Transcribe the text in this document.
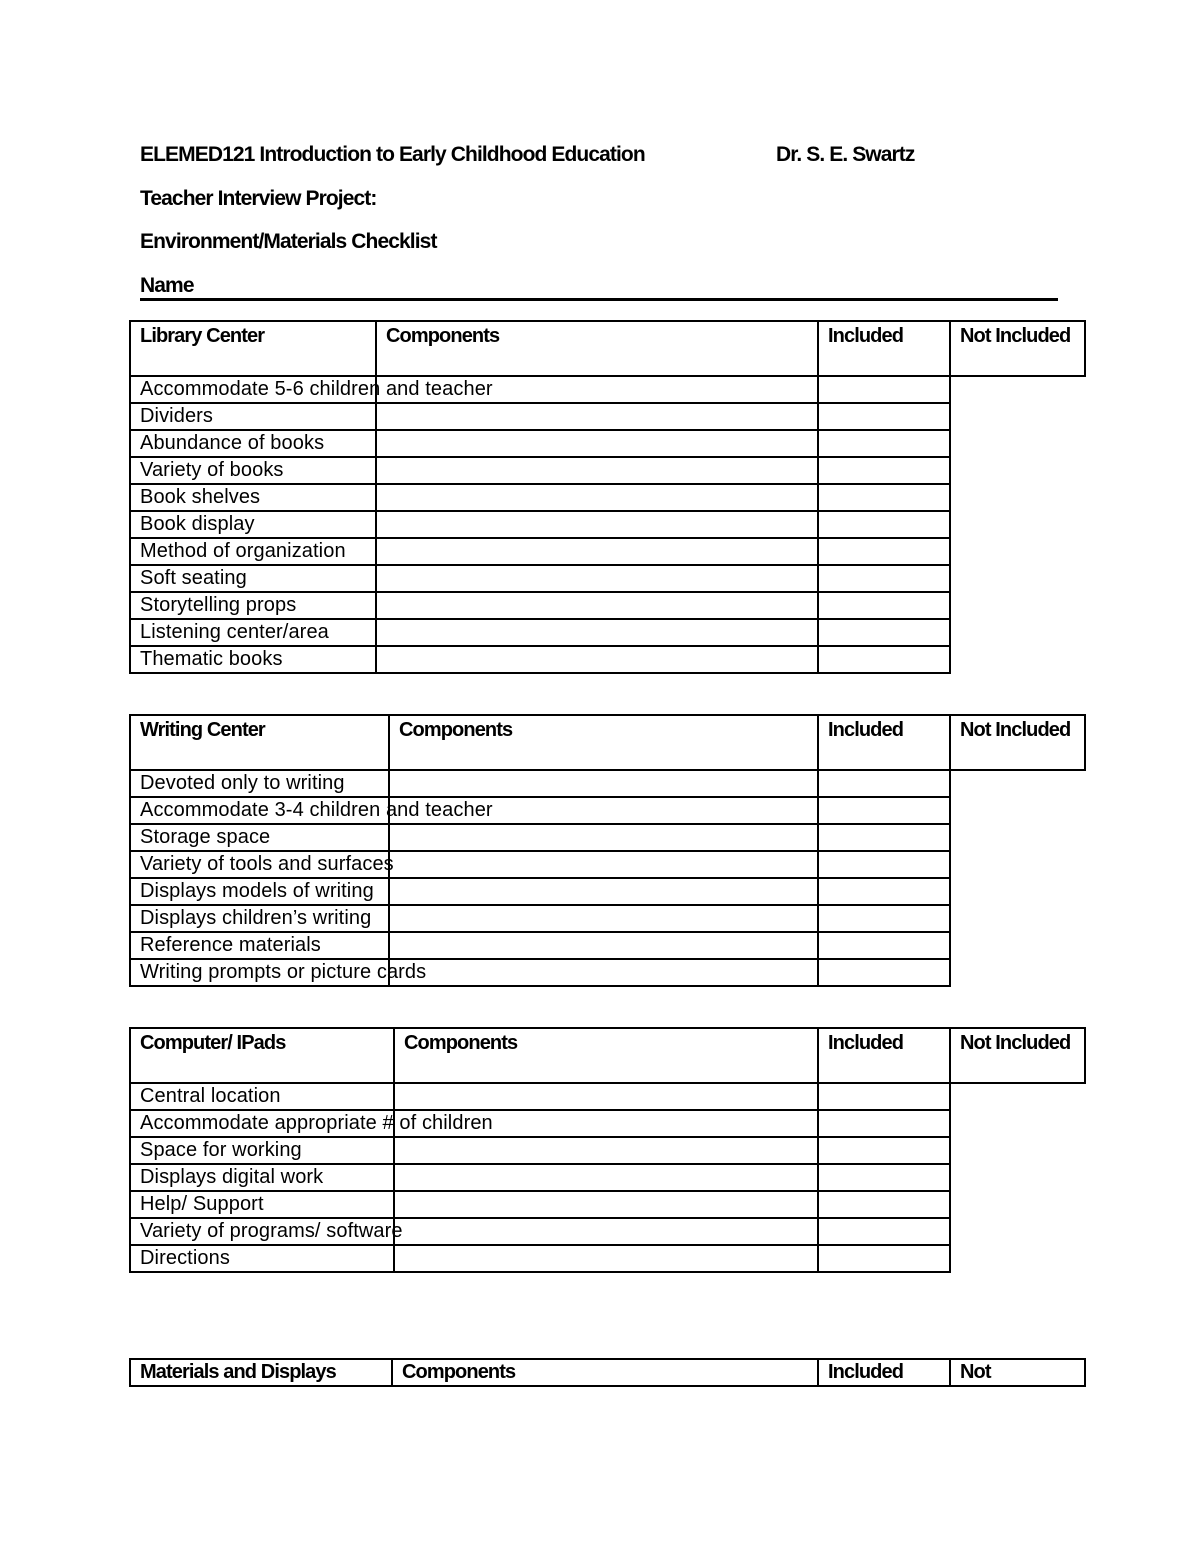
ELEMED121 Introduction to Early Childhood Education	Dr. S. E. Swartz
Teacher Interview Project:
Environment/Materials Checklist
Name
Library Center	Components	Included	Not Included
Accommodate 5-6 children and teacher			
Dividers			
Abundance of books			
Variety of books			
Book shelves			
Book display			
Method of organization			
Soft seating			
Storytelling props			
Listening center/area			
Thematic books			
Writing Center	Components	Included	Not Included
Devoted only to writing			
Accommodate 3-4 children and teacher			
Storage space			
Variety of tools and surfaces			
Displays models of writing			
Displays children’s writing			
Reference materials			
Writing prompts or picture cards			
Computer/ IPads	Components	Included	Not Included
Central location			
Accommodate appropriate # of children			
Space for working			
Displays digital work			
Help/ Support			
Variety of programs/ software			
Directions			
Materials and Displays	Components	Included	Not
